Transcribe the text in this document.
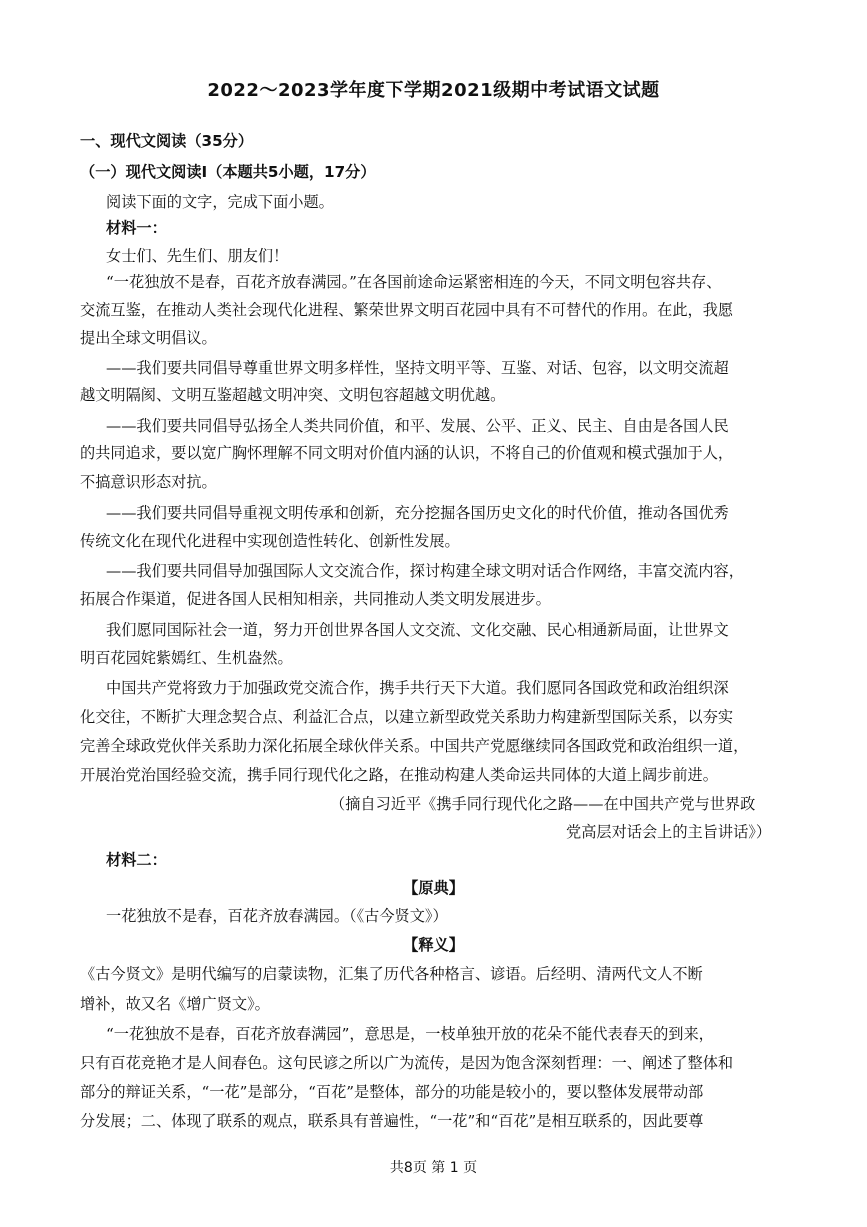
2022～2023学年度下学期2021级期中考试语文试题
一、现代文阅读（35分）
（一）现代文阅读Ⅰ（本题共5小题，17分）
阅读下面的文字，完成下面小题。
材料一：
女士们、先生们、朋友们！
“一花独放不是春，百花齐放春满园。”在各国前途命运紧密相连的今天，不同文明包容共存、
交流互鉴，在推动人类社会现代化进程、繁荣世界文明百花园中具有不可替代的作用。在此，我愿
提出全球文明倡议。
——我们要共同倡导尊重世界文明多样性，坚持文明平等、互鉴、对话、包容，以文明交流超
越文明隔阂、文明互鉴超越文明冲突、文明包容超越文明优越。
——我们要共同倡导弘扬全人类共同价值，和平、发展、公平、正义、民主、自由是各国人民
的共同追求，要以宽广胸怀理解不同文明对价值内涵的认识，不将自己的价值观和模式强加于人，
不搞意识形态对抗。
——我们要共同倡导重视文明传承和创新，充分挖掘各国历史文化的时代价值，推动各国优秀
传统文化在现代化进程中实现创造性转化、创新性发展。
——我们要共同倡导加强国际人文交流合作，探讨构建全球文明对话合作网络，丰富交流内容，
拓展合作渠道，促进各国人民相知相亲，共同推动人类文明发展进步。
我们愿同国际社会一道，努力开创世界各国人文交流、文化交融、民心相通新局面，让世界文
明百花园姹紫嫣红、生机盎然。
中国共产党将致力于加强政党交流合作，携手共行天下大道。我们愿同各国政党和政治组织深
化交往，不断扩大理念契合点、利益汇合点，以建立新型政党关系助力构建新型国际关系，以夯实
完善全球政党伙伴关系助力深化拓展全球伙伴关系。中国共产党愿继续同各国政党和政治组织一道，
开展治党治国经验交流，携手同行现代化之路，在推动构建人类命运共同体的大道上阔步前进。
（摘自习近平《携手同行现代化之路——在中国共产党与世界政
党高层对话会上的主旨讲话》）
材料二：
【原典】
一花独放不是春，百花齐放春满园。（《古今贤文》）
【释义】
《古今贤文》是明代编写的启蒙读物，汇集了历代各种格言、谚语。后经明、清两代文人不断
增补，故又名《增广贤文》。
“一花独放不是春，百花齐放春满园”，意思是，一枝单独开放的花朵不能代表春天的到来，
只有百花竞艳才是人间春色。这句民谚之所以广为流传，是因为饱含深刻哲理：一、阐述了整体和
部分的辩证关系，“一花”是部分，“百花”是整体，部分的功能是较小的，要以整体发展带动部
分发展；二、体现了联系的观点，联系具有普遍性，“一花”和“百花”是相互联系的，因此要尊
共8页 第 1 页
